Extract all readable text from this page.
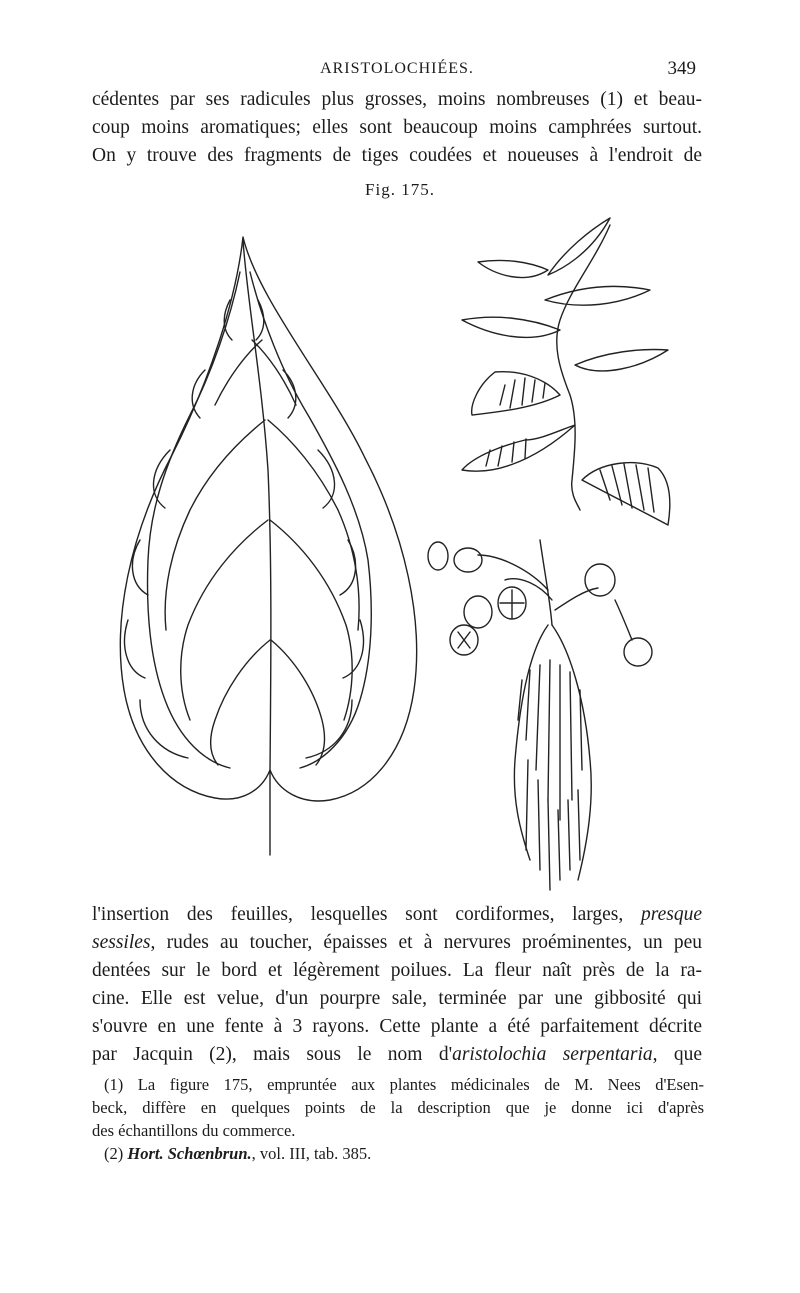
ARISTOLOCHIÉES.	349
cédentes par ses radicules plus grosses, moins nombreuses (1) et beau-
coup moins aromatiques; elles sont beaucoup moins camphrées surtout.
On y trouve des fragments de tiges coudées et noueuses à l'endroit de
Fig. 175.
l'insertion des feuilles, lesquelles sont cordiformes, larges, presque
sessiles, rudes au toucher, épaisses et à nervures proéminentes, un peu
dentées sur le bord et légèrement poilues. La fleur naît près de la ra-
cine. Elle est velue, d'un pourpre sale, terminée par une gibbosité qui
s'ouvre en une fente à 3 rayons. Cette plante a été parfaitement décrite
par Jacquin (2), mais sous le nom d'aristolochia serpentaria, que
(1) La figure 175, empruntée aux plantes médicinales de M. Nees d'Esen-
beck, diffère en quelques points de la description que je donne ici d'après
des échantillons du commerce.
(2) Hort. Schœnbrun., vol. III, tab. 385.
